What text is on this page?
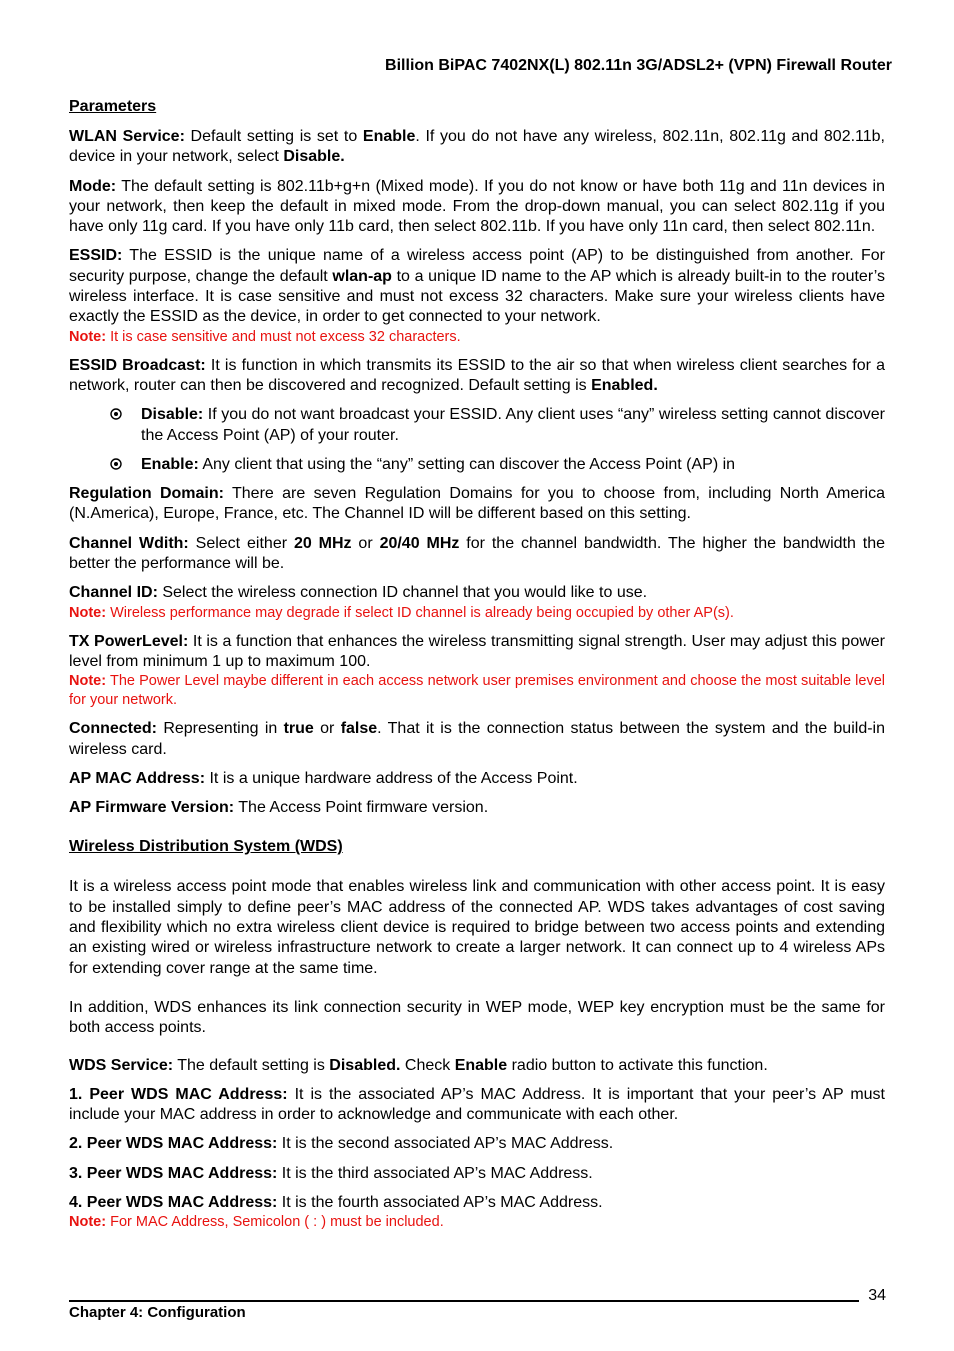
Billion BiPAC 7402NX(L) 802.11n 3G/ADSL2+ (VPN) Firewall Router
Parameters

WLAN Service: Default setting is set to Enable. If you do not have any wireless, 802.11n, 802.11g and 802.11b, device in your network, select Disable.

Mode: The default setting is 802.11b+g+n (Mixed mode). If you do not know or have both 11g and 11n devices in your network, then keep the default in mixed mode. From the drop-down manual, you can select 802.11g if you have only 11g card. If you have only 11b card, then select 802.11b. If you have only 11n card, then select 802.11n.

ESSID: The ESSID is the unique name of a wireless access point (AP) to be distinguished from another. For security purpose, change the default wlan-ap to a unique ID name to the AP which is already built-in to the router’s wireless interface. It is case sensitive and must not excess 32 characters. Make sure your wireless clients have exactly the ESSID as the device, in order to get connected to your network.

Note: It is case sensitive and must not excess 32 characters.

ESSID Broadcast: It is function in which transmits its ESSID to the air so that when wireless client searches for a network, router can then be discovered and recognized. Default setting is Enabled.

Disable: If you do not want broadcast your ESSID. Any client uses “any” wireless setting cannot discover the Access Point (AP) of your router.
Enable: Any client that using the “any” setting can discover the Access Point (AP) in

Regulation Domain: There are seven Regulation Domains for you to choose from, including North America (N.America), Europe, France, etc. The Channel ID will be different based on this setting.

Channel Wdith: Select either 20 MHz or 20/40 MHz for the channel bandwidth. The higher the bandwidth the better the performance will be.

Channel ID: Select the wireless connection ID channel that you would like to use.

Note: Wireless performance may degrade if select ID channel is already being occupied by other AP(s).

TX PowerLevel: It is a function that enhances the wireless transmitting signal strength. User may adjust this power level from minimum 1 up to maximum 100.

Note: The Power Level maybe different in each access network user premises environment and choose the most suitable level for your network.

Connected: Representing in true or false. That it is the connection status between the system and the build-in wireless card.

AP MAC Address: It is a unique hardware address of the Access Point.

AP Firmware Version: The Access Point firmware version.

Wireless Distribution System (WDS)

It is a wireless access point mode that enables wireless link and communication with other access point. It is easy to be installed simply to define peer’s MAC address of the connected AP. WDS takes advantages of cost saving and flexibility which no extra wireless client device is required to bridge between two access points and extending an existing wired or wireless infrastructure network to create a larger network. It can connect up to 4 wireless APs for extending cover range at the same time.

In addition, WDS enhances its link connection security in WEP mode, WEP key encryption must be the same for both access points.

WDS Service: The default setting is Disabled. Check Enable radio button to activate this function.

1. Peer WDS MAC Address: It is the associated AP’s MAC Address. It is important that your peer’s AP must include your MAC address in order to acknowledge and communicate with each other.

2. Peer WDS MAC Address: It is the second associated AP’s MAC Address.

3. Peer WDS MAC Address: It is the third associated AP’s MAC Address.

4. Peer WDS MAC Address: It is the fourth associated AP’s MAC Address.

Note: For MAC Address, Semicolon ( : ) must be included.
34
Chapter 4: Configuration
